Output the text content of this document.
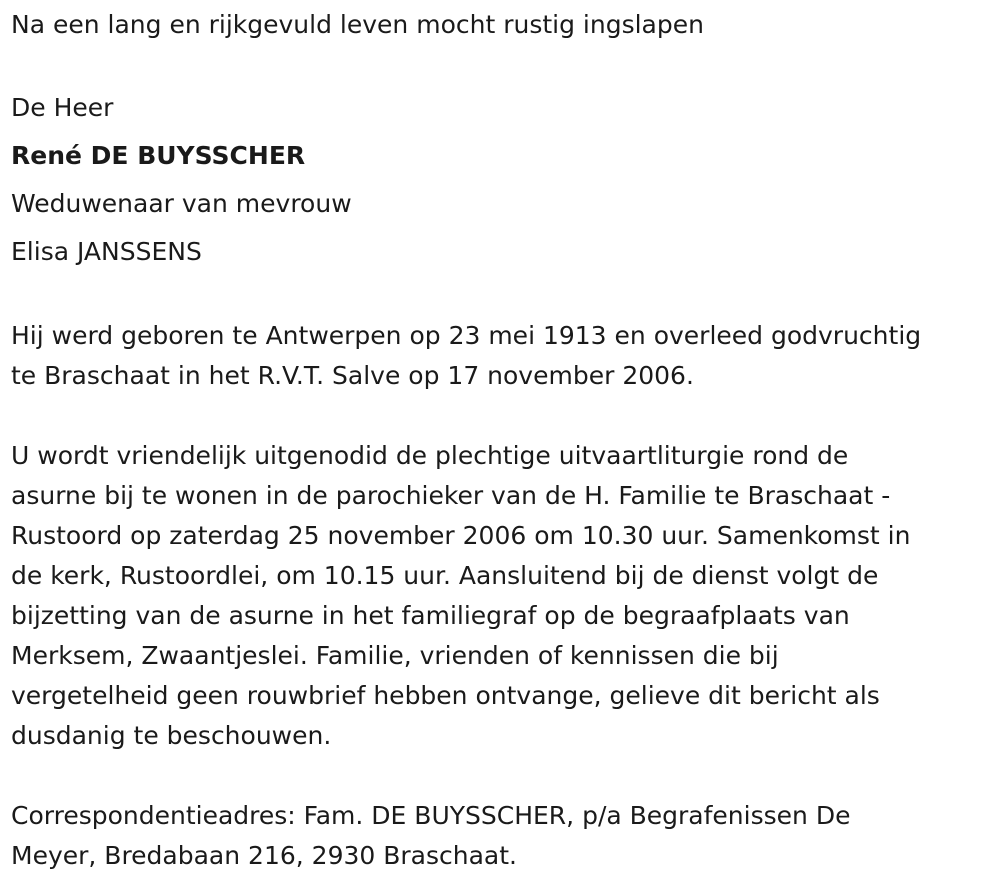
Na een lang en rijkgevuld leven mocht rustig ingslapen
De Heer
René DE BUYSSCHER
Weduwenaar van mevrouw
Elisa JANSSENS
Hij werd geboren te Antwerpen op 23 mei 1913 en overleed godvruchtig
te Braschaat in het R.V.T. Salve op 17 november 2006.
U wordt vriendelijk uitgenodid de plechtige uitvaartliturgie rond de
asurne bij te wonen in de parochieker van de H. Familie te Braschaat -
Rustoord op zaterdag 25 november 2006 om 10.30 uur. Samenkomst in
de kerk, Rustoordlei, om 10.15 uur. Aansluitend bij de dienst volgt de
bijzetting van de asurne in het familiegraf op de begraafplaats van
Merksem, Zwaantjeslei. Familie, vrienden of kennissen die bij
vergetelheid geen rouwbrief hebben ontvange, gelieve dit bericht als
dusdanig te beschouwen.
Correspondentieadres: Fam. DE BUYSSCHER, p/a Begrafenissen De
Meyer, Bredabaan 216, 2930 Braschaat.
